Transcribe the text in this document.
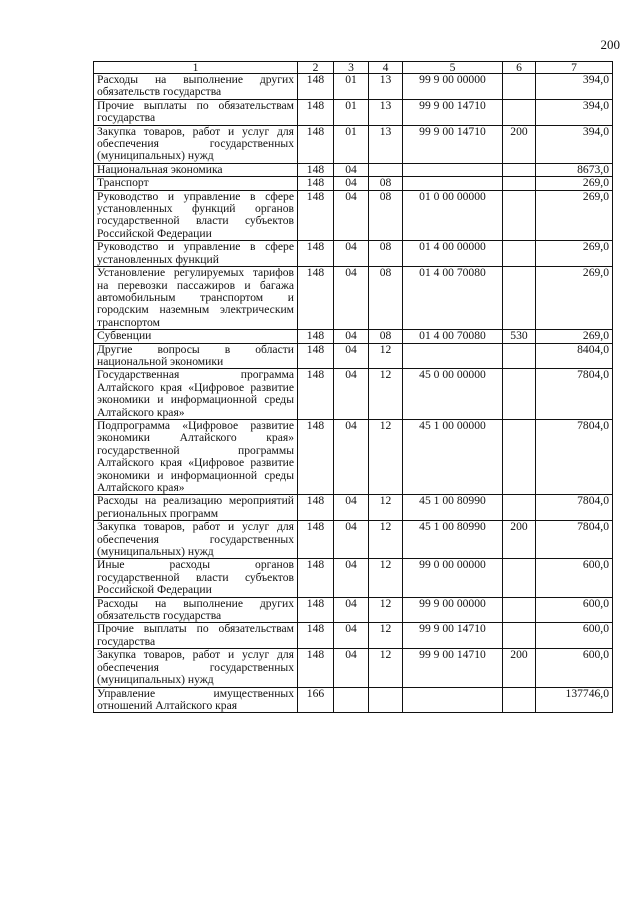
200
1	2	3	4	5	6	7
Расходы на выполнение других обязательств государства	148	01	13	99 9 00 00000		394,0
Прочие выплаты по обязательствам государства	148	01	13	99 9 00 14710		394,0
Закупка товаров, работ и услуг для обеспечения государственных (муниципальных) нужд	148	01	13	99 9 00 14710	200	394,0
Национальная экономика	148	04				8673,0
Транспорт	148	04	08			269,0
Руководство и управление в сфере установленных функций органов государственной власти субъектов Российской Федерации	148	04	08	01 0 00 00000		269,0
Руководство и управление в сфере установленных функций	148	04	08	01 4 00 00000		269,0
Установление регулируемых тарифов на перевозки пассажиров и багажа автомобильным транспортом и городским наземным электрическим транспортом	148	04	08	01 4 00 70080		269,0
Субвенции	148	04	08	01 4 00 70080	530	269,0
Другие вопросы в области национальной экономики	148	04	12			8404,0
Государственная программа Алтайского края «Цифровое развитие экономики и информационной среды Алтайского края»	148	04	12	45 0 00 00000		7804,0
Подпрограмма «Цифровое развитие экономики Алтайского края» государственной программы Алтайского края «Цифровое развитие экономики и информационной среды Алтайского края»	148	04	12	45 1 00 00000		7804,0
Расходы на реализацию мероприятий региональных программ	148	04	12	45 1 00 80990		7804,0
Закупка товаров, работ и услуг для обеспечения государственных (муниципальных) нужд	148	04	12	45 1 00 80990	200	7804,0
Иные расходы органов государственной власти субъектов Российской Федерации	148	04	12	99 0 00 00000		600,0
Расходы на выполнение других обязательств государства	148	04	12	99 9 00 00000		600,0
Прочие выплаты по обязательствам государства	148	04	12	99 9 00 14710		600,0
Закупка товаров, работ и услуг для обеспечения государственных (муниципальных) нужд	148	04	12	99 9 00 14710	200	600,0
Управление имущественных отношений Алтайского края	166					137746,0
